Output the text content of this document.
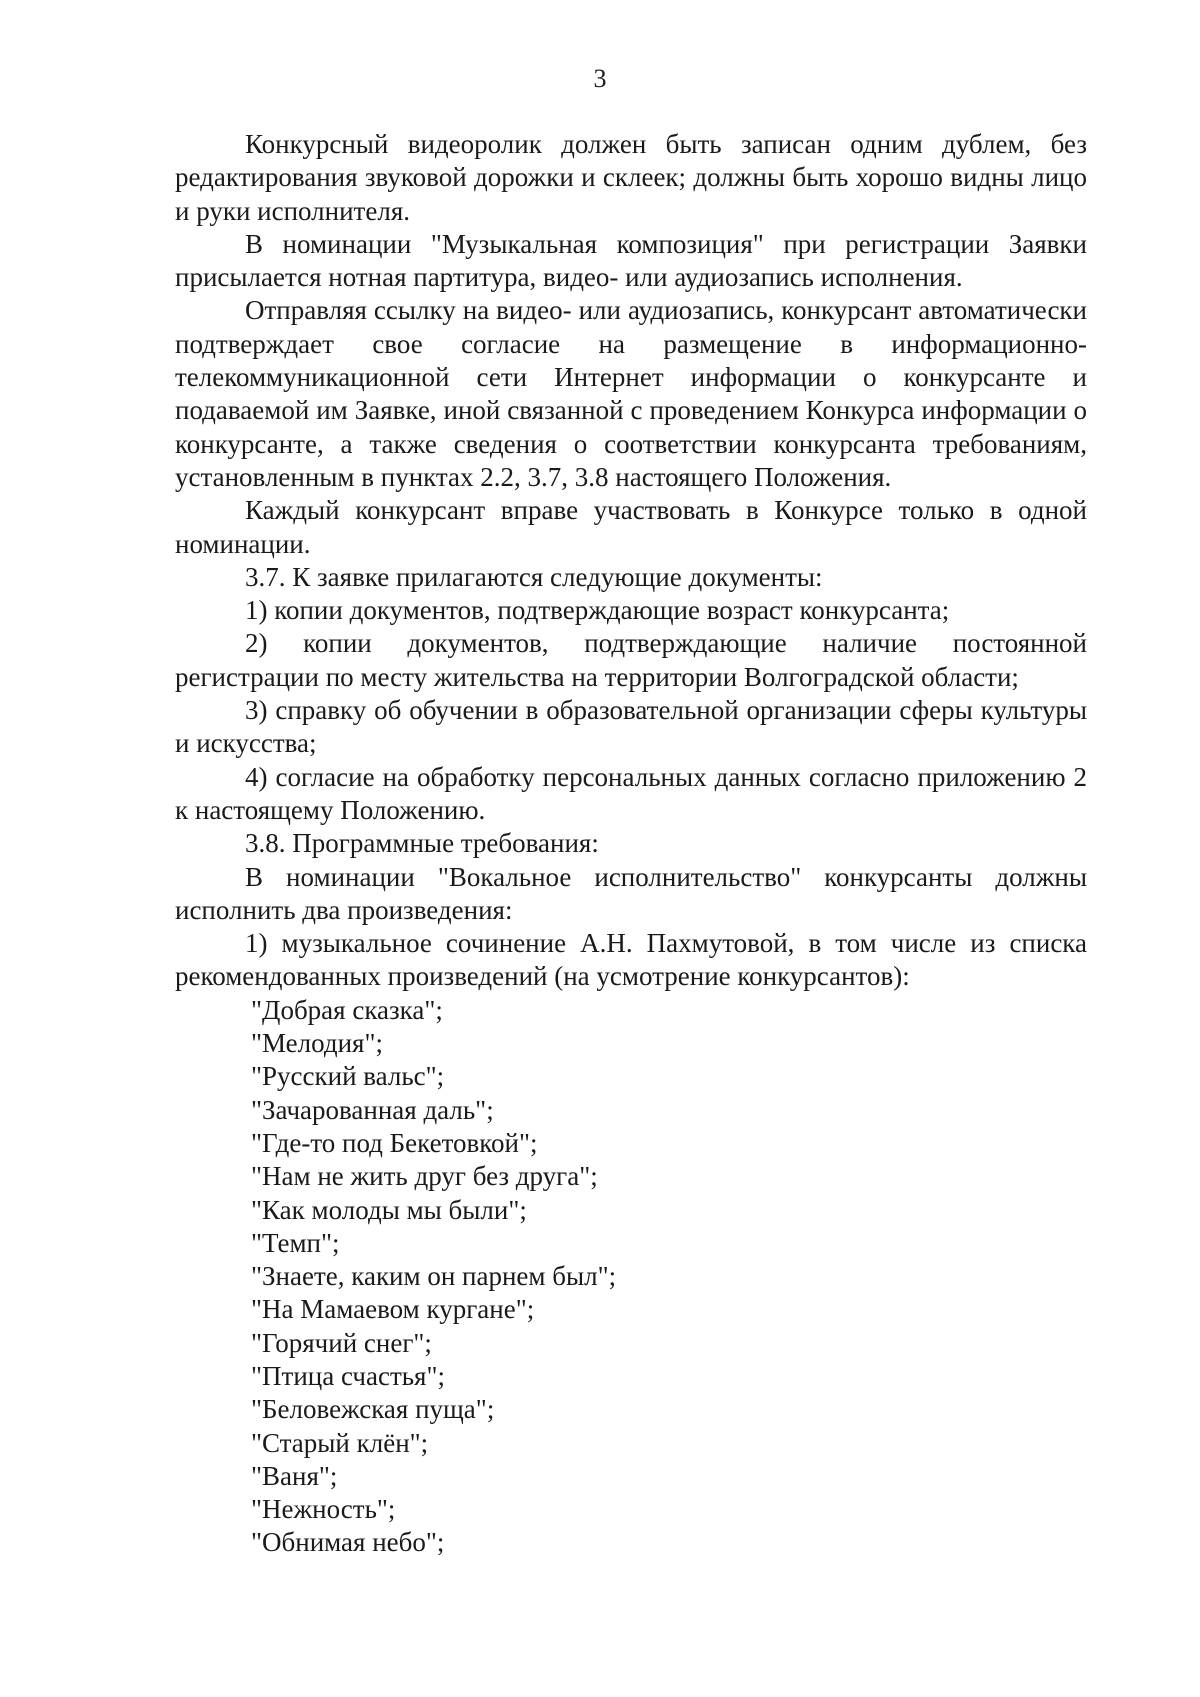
3

Конкурсный видеоролик должен быть записан одним дублем, без редактирования звуковой дорожки и склеек; должны быть хорошо видны лицо и руки исполнителя.

В номинации "Музыкальная композиция" при регистрации Заявки присылается нотная партитура, видео- или аудиозапись исполнения.

Отправляя ссылку на видео- или аудиозапись, конкурсант автоматически подтверждает свое согласие на размещение в информационно-телекоммуникационной сети Интернет информации о конкурсанте и подаваемой им Заявке, иной связанной с проведением Конкурса информации о конкурсанте, а также сведения о соответствии конкурсанта требованиям, установленным в пунктах 2.2, 3.7, 3.8 настоящего Положения.

Каждый конкурсант вправе участвовать в Конкурсе только в одной номинации.

3.7. К заявке прилагаются следующие документы:

1) копии документов, подтверждающие возраст конкурсанта;

2) копии документов, подтверждающие наличие постоянной регистрации по месту жительства на территории Волгоградской области;

3) справку об обучении в образовательной организации сферы культуры и искусства;

4) согласие на обработку персональных данных согласно приложению 2 к настоящему Положению.

3.8. Программные требования:

В номинации "Вокальное исполнительство" конкурсанты должны исполнить два произведения:

1) музыкальное сочинение А.Н. Пахмутовой, в том числе из списка рекомендованных произведений (на усмотрение конкурсантов):

"Добрая сказка";
"Мелодия";
"Русский вальс";
"Зачарованная даль";
"Где-то под Бекетовкой";
"Нам не жить друг без друга";
"Как молоды мы были";
"Темп";
"Знаете, каким он парнем был";
"На Мамаевом кургане";
"Горячий снег";
"Птица счастья";
"Беловежская пуща";
"Старый клён";
"Ваня";
"Нежность";
"Обнимая небо";
